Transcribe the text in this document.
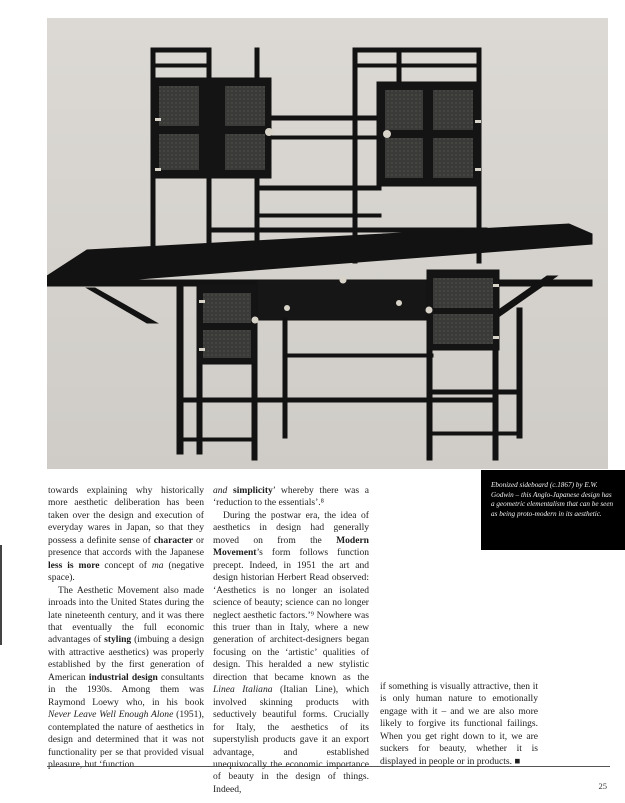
Ebonized sideboard (c.1867) by E.W. Godwin – this Anglo-Japanese design has a geometric elementalism that can be seen as being proto-modern in its aesthetic.

towards explaining why historically more aesthetic deliberation has been taken over the design and execution of everyday wares in Japan, so that they possess a definite sense of character or presence that accords with the Japanese less is more concept of ma (negative space).

The Aesthetic Movement also made inroads into the United States during the late nineteenth century, and it was there that eventually the full economic advantages of styling (imbuing a design with attractive aesthetics) was properly established by the first generation of American industrial design consultants in the 1930s. Among them was Raymond Loewy who, in his book Never Leave Well Enough Alone (1951), contemplated the nature of aesthetics in design and determined that it was not functionality per se that provided visual pleasure, but ‘function

and simplicity’ whereby there was a ‘reduction to the essentials’.⁸

During the postwar era, the idea of aesthetics in design had generally moved on from the Modern Movement’s form follows function precept. Indeed, in 1951 the art and design historian Herbert Read observed: ‘Aesthetics is no longer an isolated science of beauty; science can no longer neglect aesthetic factors.’⁹ Nowhere was this truer than in Italy, where a new generation of architect-designers began focusing on the ‘artistic’ qualities of design. This heralded a new stylistic direction that became known as the Linea Italiana (Italian Line), which involved skinning products with seductively beautiful forms. Crucially for Italy, the aesthetics of its superstylish products gave it an export advantage, and established unequivocally the economic importance of beauty in the design of things. Indeed,

if something is visually attractive, then it is only human nature to emotionally engage with it – and we are also more likely to forgive its functional failings. When you get right down to it, we are suckers for beauty, whether it is displayed in people or in products. ■

25
